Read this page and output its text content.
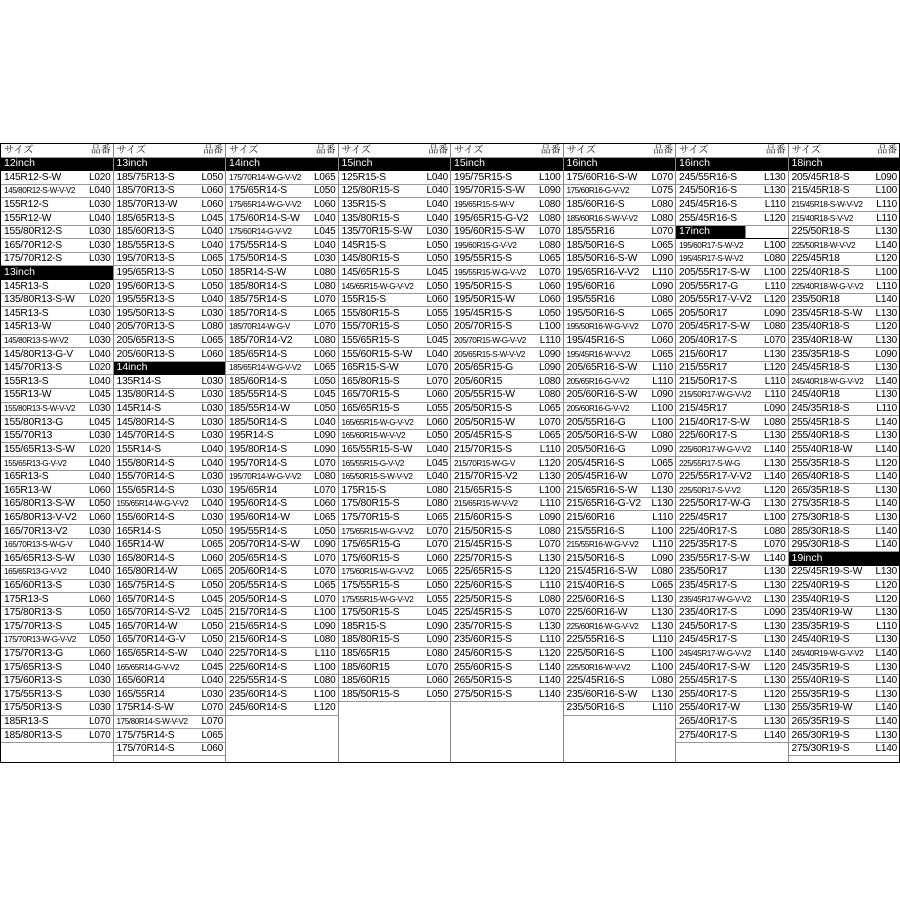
サイズ	品番
12inch
145R12-S-W	L020
145/80R12-S-W-V-V2	L040
155R12-S	L030
155R12-W	L040
155/80R12-S	L030
165/70R12-S	L030
175/70R12-S	L030
13inch
145R13-S	L020
135/80R13-S-W	L020
145R13-S	L030
145R13-W	L040
145/80R13-S-W-V2	L030
145/80R13-G-V	L040
145/70R13-S	L020
155R13-S	L040
155R13-W	L045
155/80R13-S-W-V-V2	L030
155/80R13-G	L045
155/70R13	L030
155/65R13-S-W	L020
155/65R13-G-V-V2	L040
165R13-S	L040
165R13-W	L060
165/80R13-S-W	L050
165/80R13-V-V2	L060
165/70R13-V2	L030
165/70R13-S-W-G-V	L040
165/65R13-S-W	L030
165/65R13-G-V-V2	L040
165/60R13-S	L030
175R13-S	L060
175/80R13-S	L050
175/70R13-S	L045
175/70R13-W-G-V-V2	L050
175/70R13-G	L060
175/65R13-S	L040
175/60R13-S	L030
175/55R13-S	L030
175/50R13-S	L030
185R13-S	L070
185/80R13-S	L070
サイズ	品番
13inch
185/75R13-S	L050
185/70R13-S	L060
185/70R13-W	L060
185/65R13-S	L045
185/60R13-S	L040
185/55R13-S	L040
195/70R13-S	L065
195/65R13-S	L050
195/60R13-S	L050
195/55R13-S	L040
195/50R13-S	L030
205/70R13-S	L080
205/65R13-S	L065
205/60R13-S	L060
14inch
135R14-S	L030
135/80R14-S	L030
145R14-S	L030
145/80R14-S	L030
145/70R14-S	L030
155R14-S	L040
155/80R14-S	L040
155/70R14-S	L030
155/65R14-S	L030
155/65R14-W-G-V-V2	L040
155/60R14-S	L030
165R14-S	L050
165R14-W	L065
165/80R14-S	L060
165/80R14-W	L065
165/75R14-S	L050
165/70R14-S	L045
165/70R14-S-V2	L045
165/70R14-W	L050
165/70R14-G-V	L050
165/65R14-S-W	L040
165/65R14-G-V-V2	L045
165/60R14	L040
165/55R14	L030
175R14-S-W	L070
175/80R14-S-W-V-V2	L070
175/75R14-S	L065
175/70R14-S	L060
サイズ	品番
14inch
175/70R14-W-G-V-V2	L065
175/65R14-S	L050
175/65R14-W-G-V-V2	L060
175/60R14-S-W	L040
175/60R14-G-V-V2	L045
175/55R14-S	L040
175/50R14-S	L030
185R14-S-W	L080
185/80R14-S	L080
185/75R14-S	L070
185/70R14-S	L065
185/70R14-W-G-V	L070
185/70R14-V2	L080
185/65R14-S	L060
185/65R14-W-G-V-V2	L065
185/60R14-S	L050
185/55R14-S	L045
185/55R14-W	L050
185/50R14-S	L040
195R14-S	L090
195/80R14-S	L090
195/70R14-S	L070
195/70R14-W-G-V-V2	L080
195/65R14	L070
195/60R14-S	L060
195/60R14-W	L065
195/55R14-S	L050
205/70R14-S-W	L090
205/65R14-S	L070
205/60R14-S	L070
205/55R14-S	L065
205/50R14-S	L070
215/70R14-S	L100
215/65R14-S	L090
215/60R14-S	L080
225/70R14-S	L110
225/60R14-S	L100
225/55R14-S	L080
235/60R14-S	L100
245/60R14-S	L120
サイズ	品番
15inch
125R15-S	L040
125/80R15-S	L040
135R15-S	L040
135/80R15-S	L040
135/70R15-S-W	L030
145R15-S	L050
145/80R15-S	L050
145/65R15-S	L045
145/65R15-W-G-V-V2	L050
155R15-S	L060
155/80R15-S	L055
155/70R15-S	L050
155/65R15-S	L045
155/60R15-S-W	L040
165R15-S-W	L070
165/80R15-S	L070
165/70R15-S	L060
165/65R15-S	L055
165/65R15-W-G-V-V2	L060
165/60R15-W-V-V2	L050
165/55R15-S-W	L040
165/55R15-G-V-V2	L045
165/50R15-S-W-V-V2	L040
175R15-S	L080
175/80R15-S	L080
175/70R15-S	L065
175/65R15-W-G-V-V2	L070
175/65R15-G	L070
175/60R15-S	L060
175/60R15-W-G-V-V2	L065
175/55R15-S	L050
175/55R15-W-G-V-V2	L055
175/50R15-S	L045
185R15-S	L090
185/80R15-S	L090
185/65R15	L080
185/60R15	L070
185/60R15	L060
185/50R15-S	L050
サイズ	品番
15inch
195/75R15-S	L100
195/70R15-S-W	L090
195/65R15-S-W-V	L080
195/65R15-G-V2	L080
195/60R15-S-W	L070
195/60R15-G-V-V2	L080
195/55R15-S	L065
195/55R15-W-G-V-V2	L070
195/50R15-S	L060
195/50R15-W	L060
195/45R15-S	L050
205/70R15-S	L100
205/70R15-W-G-V-V2	L110
205/65R15-S-W-V-V2	L090
205/65R15-G	L090
205/60R15	L080
205/55R15-W	L080
205/50R15-S	L065
205/50R15-W	L070
205/45R15-S	L065
215/70R15-S	L110
215/70R15-W-G-V	L120
215/70R15-V2	L130
215/65R15-S	L100
215/65R15-W-V-V2	L110
215/60R15-S	L090
215/50R15-S	L080
215/45R15-S	L070
225/70R15-S	L130
225/65R15-S	L120
225/60R15-S	L110
225/50R15-S	L080
225/45R15-S	L070
235/70R15-S	L130
235/60R15-S	L110
245/60R15-S	L120
255/60R15-S	L140
265/50R15-S	L140
275/50R15-S	L140
サイズ	品番
16inch
175/60R16-S-W	L070
175/60R16-G-V-V2	L075
185/60R16-S	L080
185/60R16-S-W-V-V2	L080
185/55R16	L070
185/50R16-S	L065
185/50R16-S-W	L090
195/65R16-V-V2	L110
195/60R16	L090
195/55R16	L080
195/50R16-S	L065
195/50R16-W-G-V-V2	L070
195/45R16-S	L060
195/45R16-W-V-V2	L065
205/65R16-S-W	L110
205/65R16-G-V-V2	L110
205/60R16-S-W	L090
205/60R16-G-V-V2	L100
205/55R16-G	L100
205/50R16-S-W	L080
205/50R16-G	L090
205/45R16-S	L065
205/45R16-W	L070
215/65R16-S-W	L130
215/65R16-G-V2	L130
215/60R16	L110
215/55R16-S	L100
215/55R16-W-G-V-V2	L110
215/50R16-S	L090
215/45R16-S-W	L080
215/40R16-S	L065
225/60R16-S	L130
225/60R16-W	L130
225/60R16-W-G-V-V2	L130
225/55R16-S	L110
225/50R16-S	L100
225/50R16-W-V-V2	L100
225/45R16-S	L080
235/60R16-S-W	L130
235/50R16-S	L110
サイズ	品番
16inch
245/55R16-S	L130
245/50R16-S	L130
245/45R16-S	L110
255/45R16-S	L120
17inch
195/60R17-S-W-V2	L100
195/45R17-S-W-V2	L080
205/55R17-S-W	L100
205/55R17-G	L110
205/55R17-V-V2	L120
205/50R17	L090
205/45R17-S-W	L080
205/40R17-S	L070
215/60R17	L130
215/55R17	L120
215/50R17-S	L110
215/50R17-W-G-V-V2	L110
215/45R17	L090
215/40R17-S-W	L080
225/60R17-S	L130
225/60R17-W-G-V-V2	L140
225/55R17-S-W-G	L130
225/55R17-V-V2	L140
225/50R17-S-V-V2	L120
225/50R17-W-G	L130
225/45R17	L100
225/40R17-S	L080
225/35R17-S	L070
235/55R17-S-W	L140
235/50R17	L130
235/45R17-S	L130
235/45R17-W-G-V-V2	L130
235/40R17-S	L090
245/50R17-S	L130
245/45R17-S	L130
245/45R17-W-G-V-V2	L140
245/40R17-S-W	L120
255/45R17-S	L130
255/40R17-S	L120
255/40R17-W	L130
265/40R17-S	L130
275/40R17-S	L140
サイズ	品番
18inch
205/45R18-S	L090
215/45R18-S	L100
215/45R18-S-W-V-V2	L110
215/40R18-S-V-V2	L110
225/50R18-S	L130
225/50R18-W-V-V2	L140
225/45R18	L120
225/40R18-S	L100
225/40R18-W-G-V-V2	L110
235/50R18	L140
235/45R18-S-W	L130
235/40R18-S	L120
235/40R18-W	L130
235/35R18-S	L090
245/45R18-S	L130
245/40R18-W-G-V-V2	L140
245/40R18	L130
245/35R18-S	L110
255/45R18-S	L140
255/40R18-S	L130
255/40R18-W	L140
255/35R18-S	L120
265/40R18-S	L140
265/35R18-S	L130
275/35R18-S	L140
275/30R18-S	L130
285/30R18-S	L140
295/30R18-S	L140
19inch
225/45R19-S-W	L130
225/40R19-S	L120
235/40R19-S	L120
235/40R19-W	L130
235/35R19-S	L110
245/40R19-S	L130
245/40R19-W-G-V-V2	L140
245/35R19-S	L130
255/40R19-S	L140
255/35R19-S	L130
255/35R19-W	L140
265/35R19-S	L140
265/30R19-S	L130
275/30R19-S	L140
